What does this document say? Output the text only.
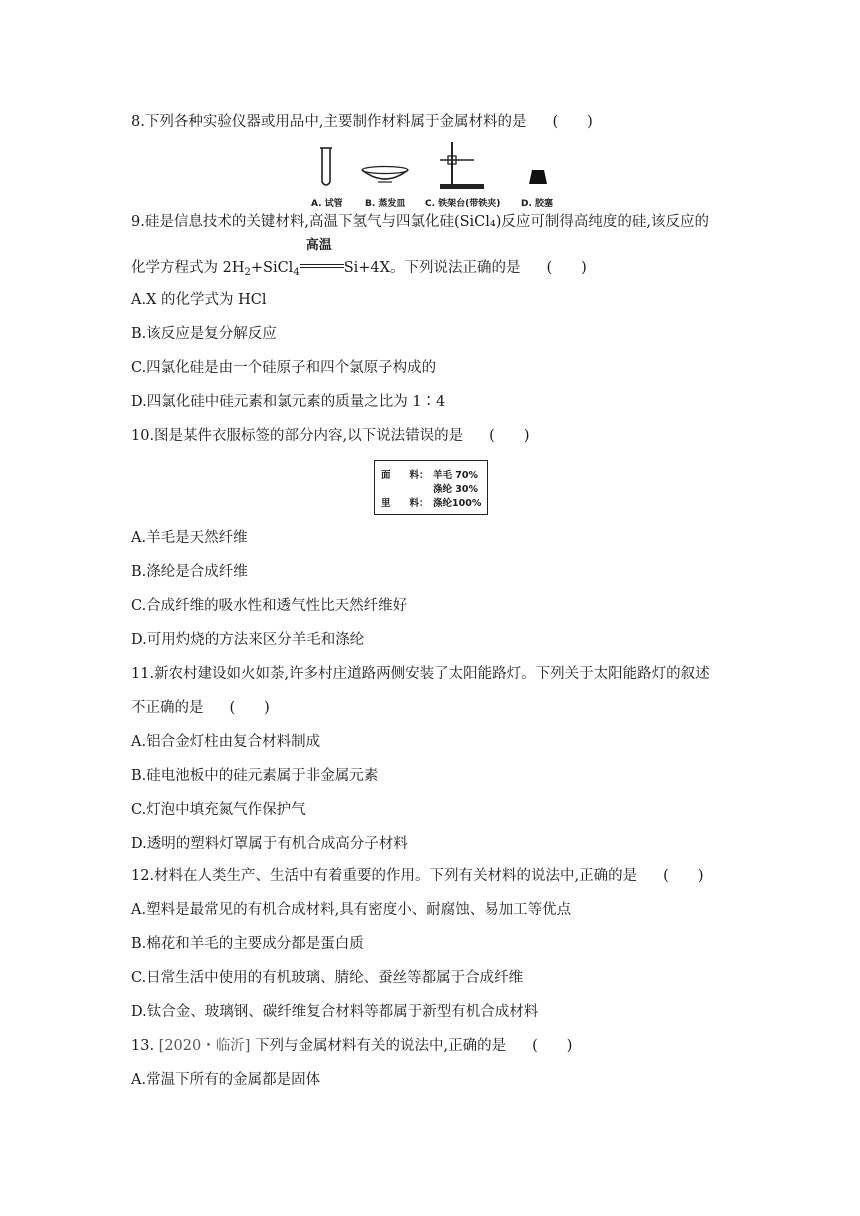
8.下列各种实验仪器或用品中,主要制作材料属于金属材料的是 (　　)
A. 试管 B. 蒸发皿 C. 铁架台(带铁夹) D. 胶塞
9.硅是信息技术的关键材料,高温下氢气与四氯化硅(SiCl₄)反应可制得高纯度的硅,该反应的
化学方程式为 $2H_2+SiCl_4$
高温
Si+4X。下列说法正确的是 (　　)
A.X 的化学式为 HCl
B.该反应是复分解反应
C.四氯化硅是由一个硅原子和四个氯原子构成的
D.四氯化硅中硅元素和氯元素的质量之比为 1∶4
10.图是某件衣服标签的部分内容,以下说法错误的是 (　　)
面　　料： 羊毛 70%
涤纶 30%
里　　料： 涤纶100%
A.羊毛是天然纤维
B.涤纶是合成纤维
C.合成纤维的吸水性和透气性比天然纤维好
D.可用灼烧的方法来区分羊毛和涤纶
11.新农村建设如火如荼,许多村庄道路两侧安装了太阳能路灯。下列关于太阳能路灯的叙述
不正确的是 (　　)
A.铝合金灯柱由复合材料制成
B.硅电池板中的硅元素属于非金属元素
C.灯泡中填充氮气作保护气
D.透明的塑料灯罩属于有机合成高分子材料
12.材料在人类生产、生活中有着重要的作用。下列有关材料的说法中,正确的是 (　　)
A.塑料是最常见的有机合成材料,具有密度小、耐腐蚀、易加工等优点
B.棉花和羊毛的主要成分都是蛋白质
C.日常生活中使用的有机玻璃、腈纶、蚕丝等都属于合成纤维
D.钛合金、玻璃钢、碳纤维复合材料等都属于新型有机合成材料
13. [2020・临沂] 下列与金属材料有关的说法中,正确的是 (　　)
A.常温下所有的金属都是固体
